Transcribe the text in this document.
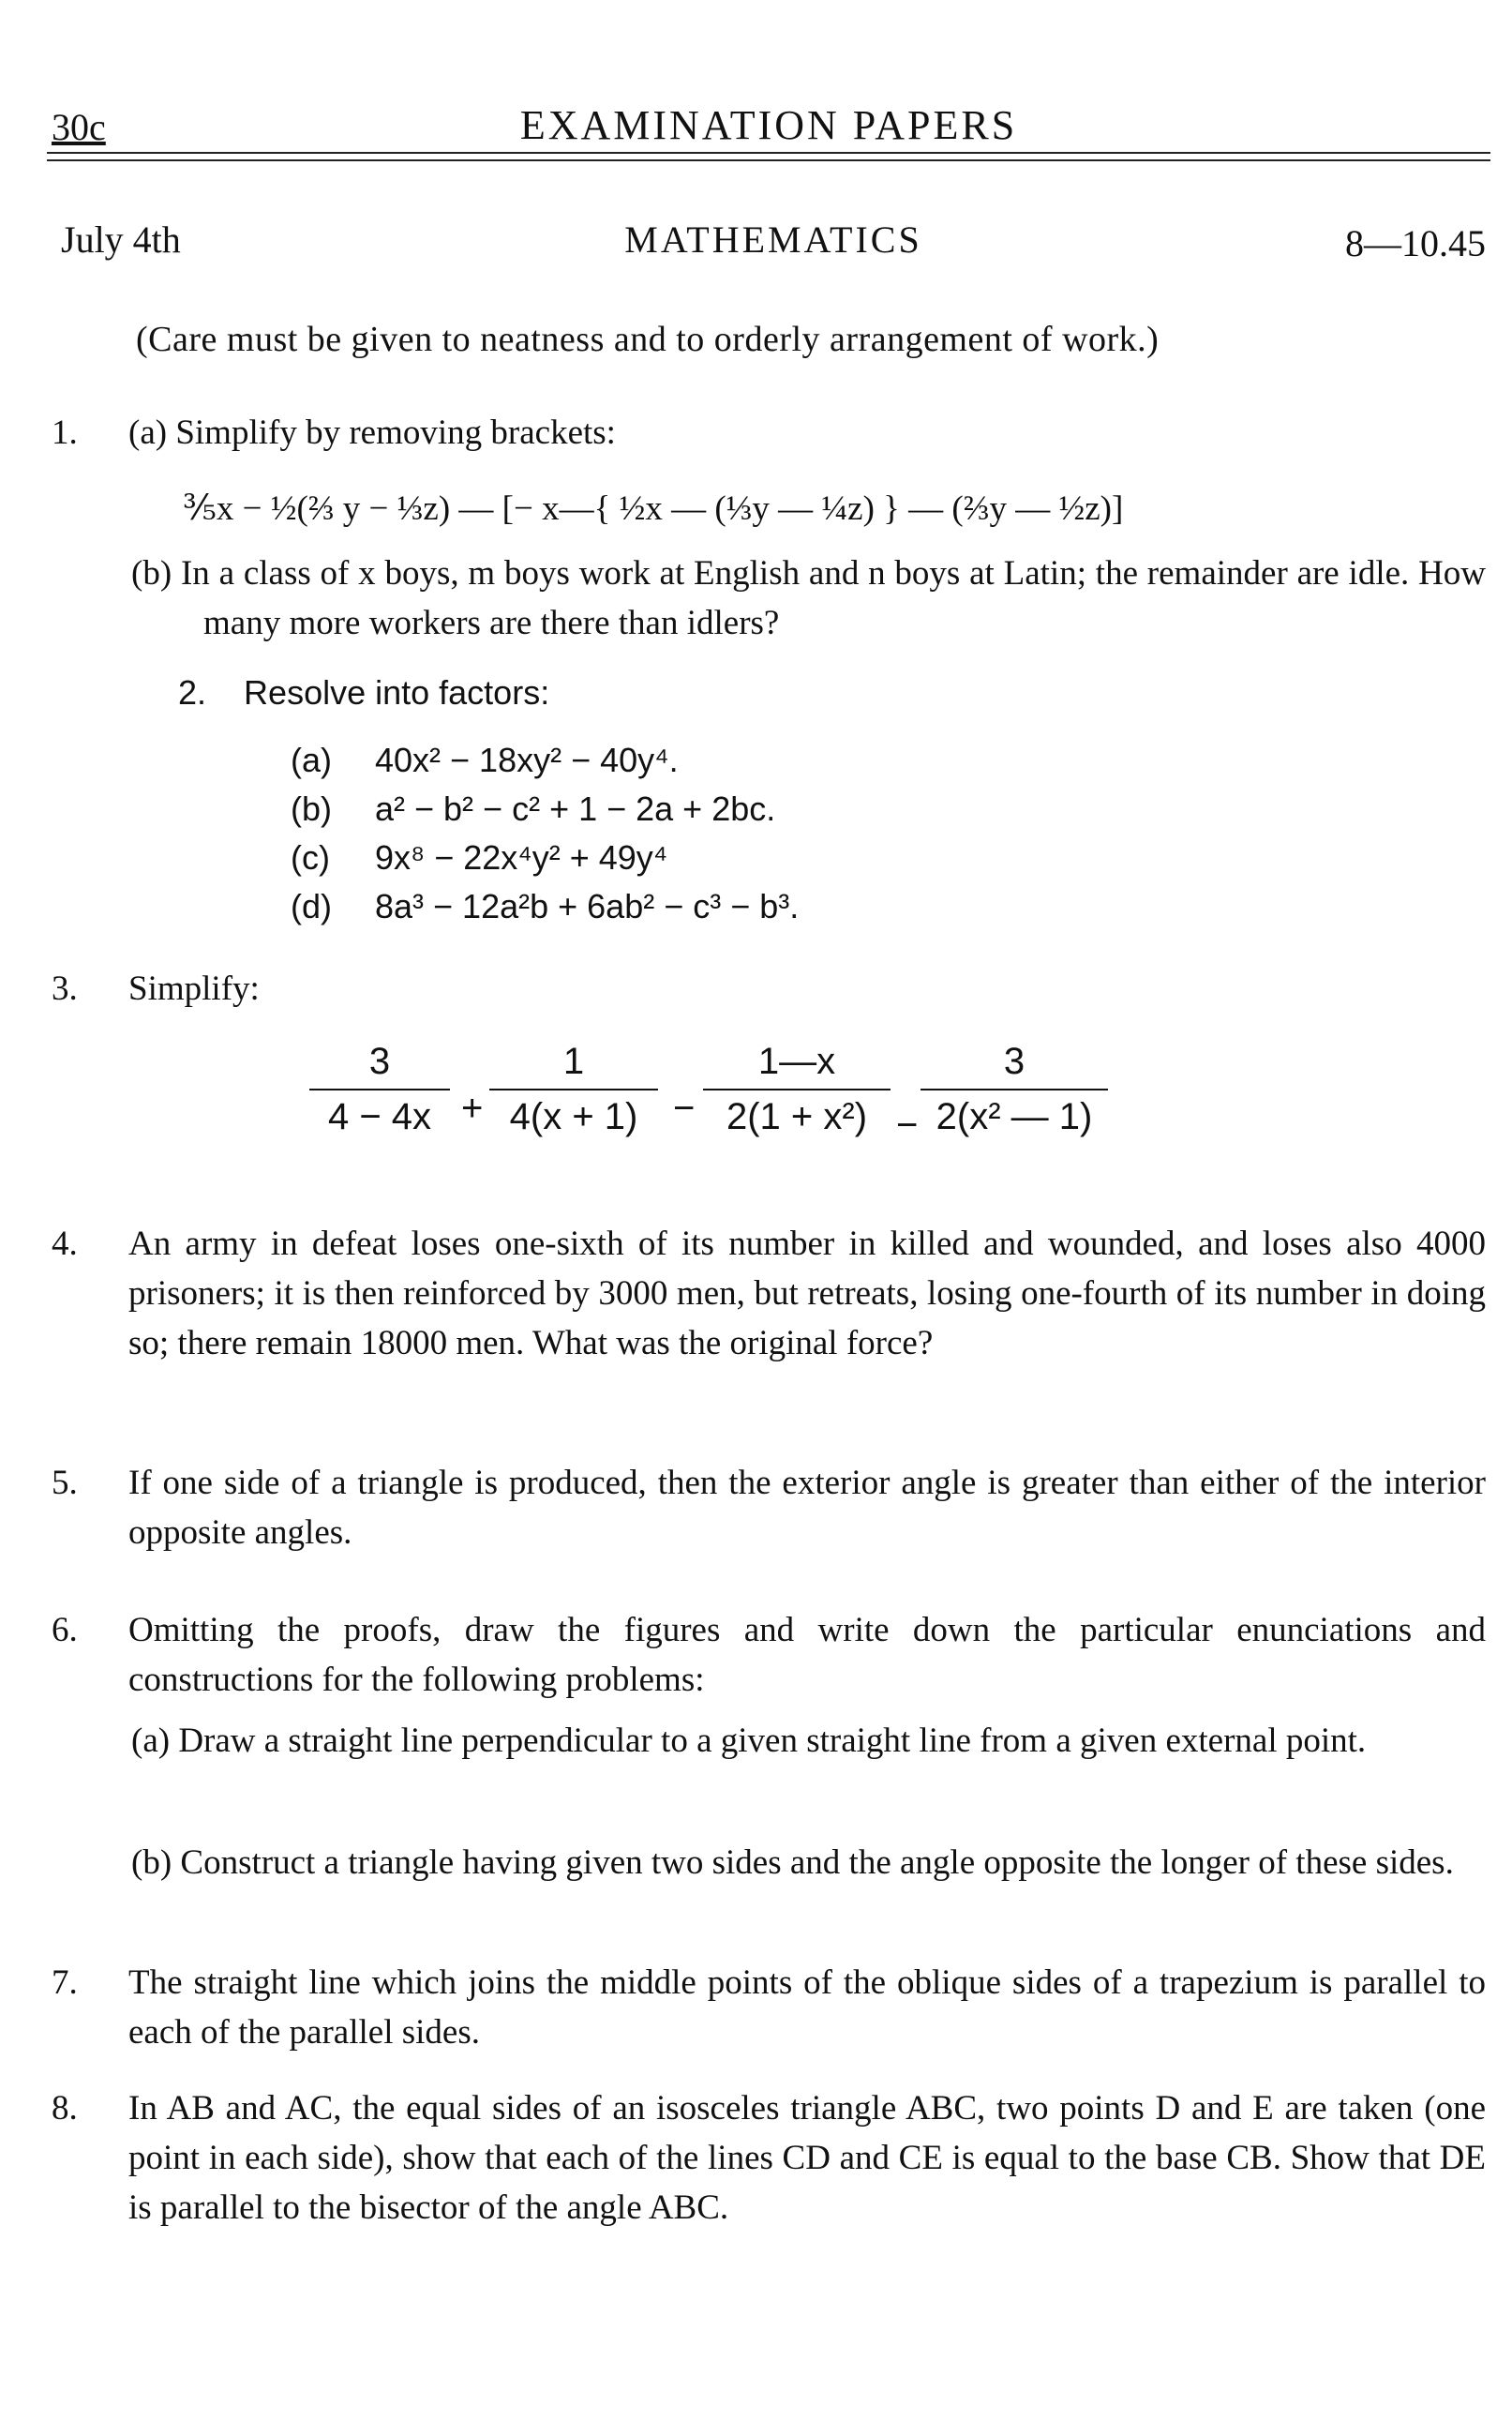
30c	EXAMINATION PAPERS
July 4th	MATHEMATICS	8—10.45
(Care must be given to neatness and to orderly arrangement of work.)
1. (a) Simplify by removing brackets:
⅗x − ½(⅔ y − ⅓z) — [− x—{ ½x — (⅓y — ¼z) } — (⅔y — ½z)]
(b) In a class of x boys, m boys work at English and n boys at Latin; the remainder are idle. How many more workers are there than idlers?
2. Resolve into factors:
(a) 40x² − 18xy² − 40y⁴.
(b) a² − b² − c² + 1 − 2a + 2bc.
(c) 9x⁸ − 22x⁴y² + 49y⁴
(d) 8a³ − 12a²b + 6ab² − c³ − b³.
3. Simplify:
3
4 − 4x +
1
4(x + 1) −
1—x
2(1 + x²) −
3
2(x² — 1)
4. An army in defeat loses one-sixth of its number in killed and wounded, and loses also 4000 prisoners; it is then reinforced by 3000 men, but retreats, losing one-fourth of its number in doing so; there remain 18000 men. What was the original force?
5. If one side of a triangle is produced, then the exterior angle is greater than either of the interior opposite angles.
6. Omitting the proofs, draw the figures and write down the particular enunciations and constructions for the following problems:
(a) Draw a straight line perpendicular to a given straight line from a given external point.
(b) Construct a triangle having given two sides and the angle opposite the longer of these sides.
7. The straight line which joins the middle points of the oblique sides of a trapezium is parallel to each of the parallel sides.
8. In AB and AC, the equal sides of an isosceles triangle ABC, two points D and E are taken (one point in each side), show that each of the lines CD and CE is equal to the base CB. Show that DE is parallel to the bisector of the angle ABC.
